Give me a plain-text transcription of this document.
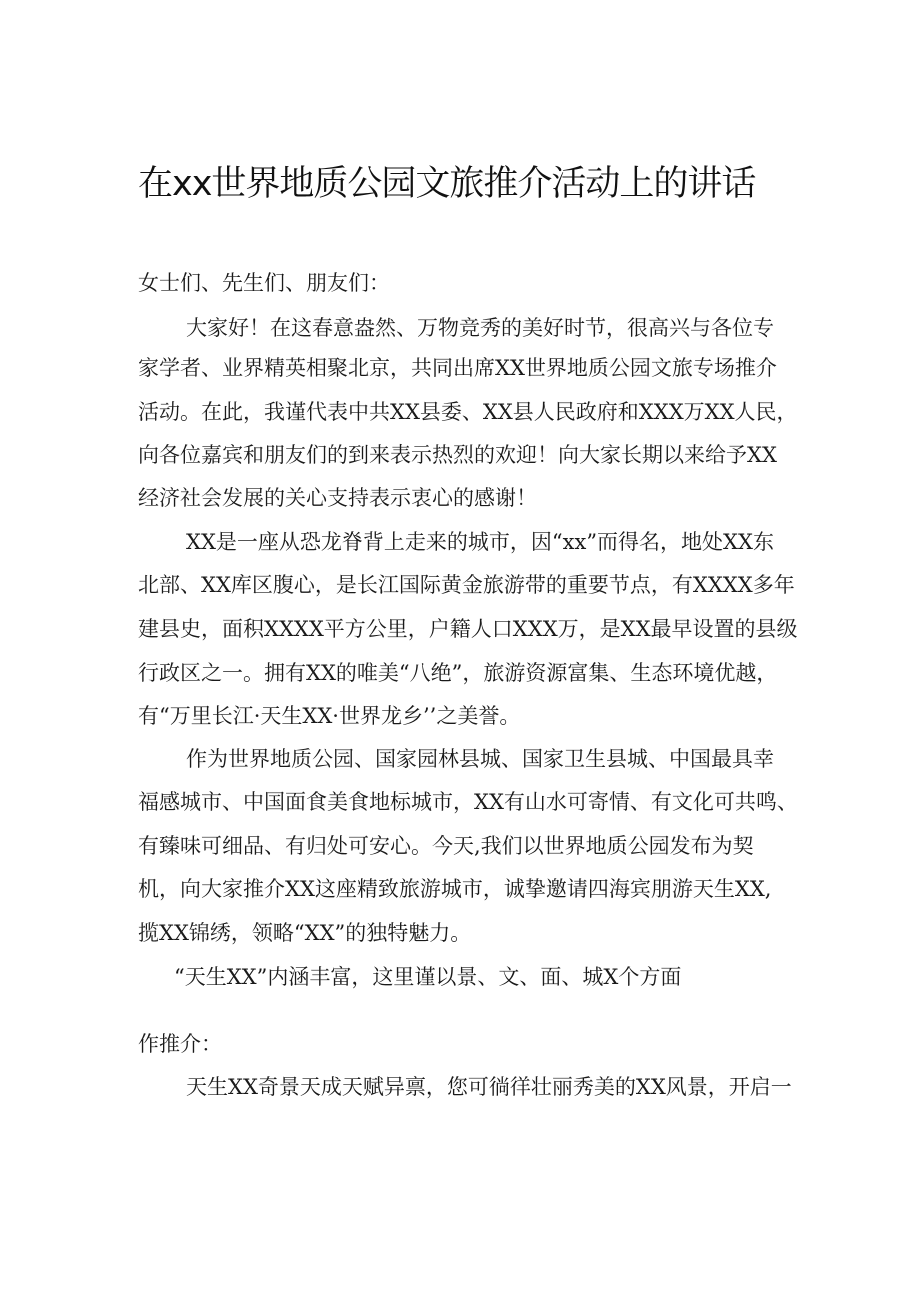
在xx世界地质公园文旅推介活动上的讲话

女士们、先生们、朋友们：

大家好！在这春意盎然、万物竞秀的美好时节，很高兴与各位专

家学者、业界精英相聚北京，共同出席XX世界地质公园文旅专场推介

活动。在此，我谨代表中共XX县委、XX县人民政府和XXX万XX人民，

向各位嘉宾和朋友们的到来表示热烈的欢迎！向大家长期以来给予XX

经济社会发展的关心支持表示衷心的感谢！

XX是一座从恐龙脊背上走来的城市，因“xx”而得名，地处XX东

北部、XX库区腹心，是长江国际黄金旅游带的重要节点，有XXXX多年

建县史，面积XXXX平方公里，户籍人口XXX万，是XX最早设置的县级

行政区之一。拥有XX的唯美“八绝”，旅游资源富集、生态环境优越，

有“万里长江·天生XX·世界龙乡’’之美誉。

作为世界地质公园、国家园林县城、国家卫生县城、中国最具幸

福感城市、中国面食美食地标城市，XX有山水可寄情、有文化可共鸣、

有臻味可细品、有归处可安心。今天,我们以世界地质公园发布为契

机，向大家推介XX这座精致旅游城市，诚挚邀请四海宾朋游天生XX,

揽XX锦绣，领略“XX”的独特魅力。

“天生XX”内涵丰富，这里谨以景、文、面、城X个方面

作推介：

天生XX奇景天成天赋异禀，您可徜徉壮丽秀美的XX风景，开启一
